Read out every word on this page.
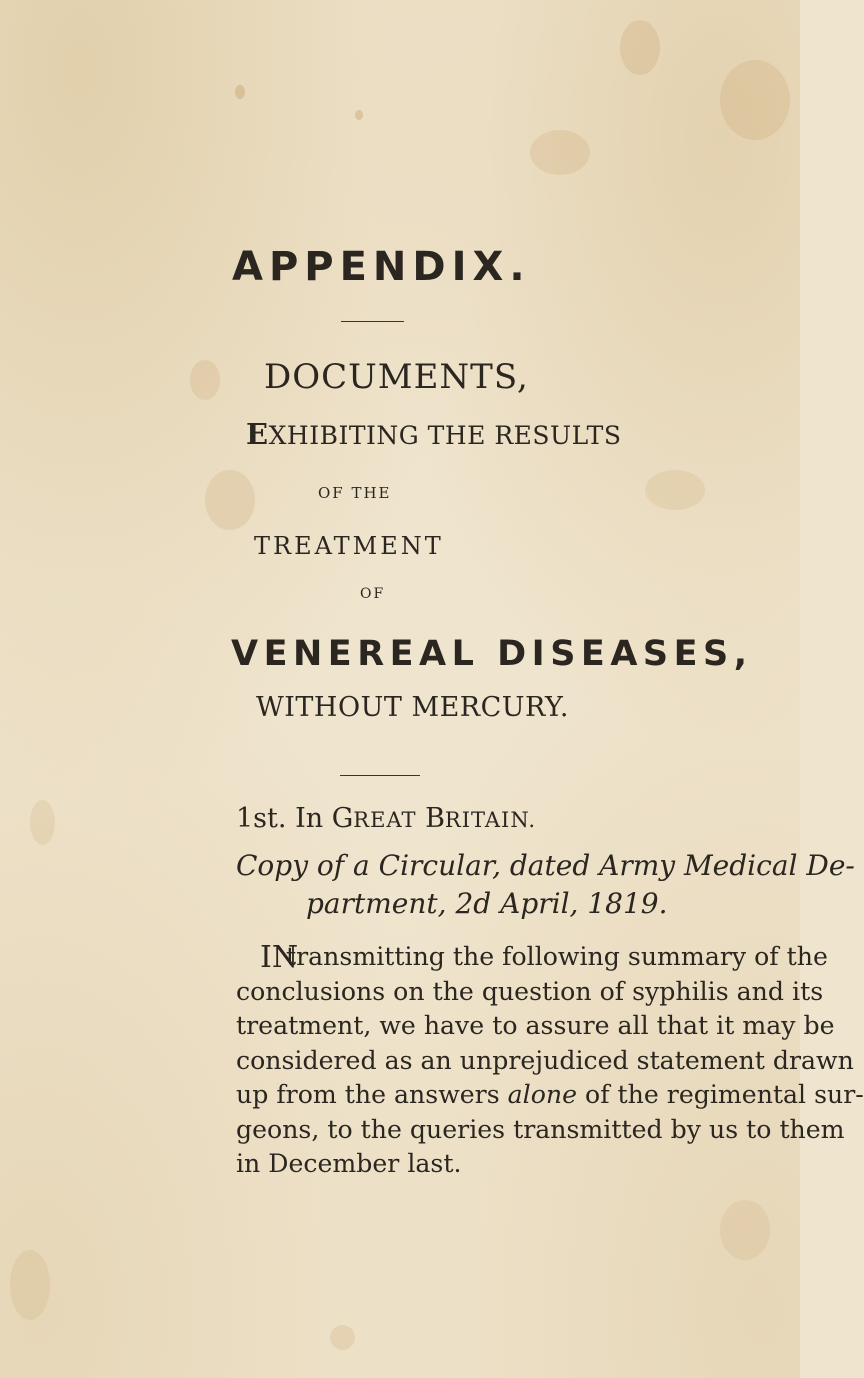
APPENDIX.

DOCUMENTS,

EXHIBITING THE RESULTS

OF THE

TREATMENT

OF

VENEREAL DISEASES,

WITHOUT MERCURY.

1st. In GREAT BRITAIN.

Copy of a Circular, dated Army Medical De-

partment, 2d April, 1819.

transmitting the following summary of the
conclusions on the question of syphilis and its
treatment, we have to assure all that it may be
considered as an unprejudiced statement drawn
up from the answers alone of the regimental sur-
geons, to the queries transmitted by us to them
in December last.
IN
